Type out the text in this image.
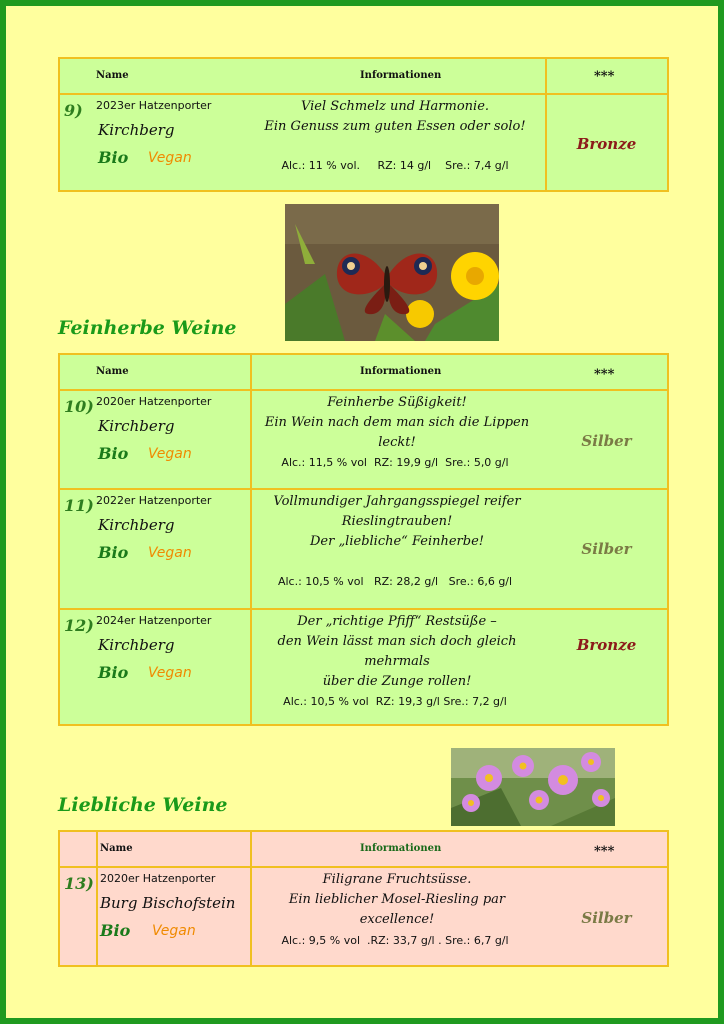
Name	Informationen	***
9) 2023er Hatzenporter
Kirchberg
Bio Vegan
Viel Schmelz und Harmonie.
Ein Genuss zum guten Essen oder solo!
Alc.: 11 % vol.     RZ: 14 g/l    Sre.: 7,4 g/l
Bronze
Feinherbe Weine
Name	Informationen	***
10) 2020er Hatzenporter
Kirchberg
Bio Vegan
Feinherbe Süßigkeit!
Ein Wein nach dem man sich die Lippen leckt!
Alc.: 11,5 % vol  RZ: 19,9 g/l  Sre.: 5,0 g/l
Silber
11) 2022er Hatzenporter
Kirchberg
Bio Vegan
Vollmundiger Jahrgangsspiegel reifer
Rieslingtrauben!
Der „liebliche“ Feinherbe!
Alc.: 10,5 % vol   RZ: 28,2 g/l   Sre.: 6,6 g/l
Silber
12) 2024er Hatzenporter
Kirchberg
Bio Vegan
Der „richtige Pfiff“ Restsüße –
den Wein lässt man sich doch gleich mehrmals
über die Zunge rollen!
Alc.: 10,5 % vol  RZ: 19,3 g/l Sre.: 7,2 g/l
Bronze
Liebliche Weine
Name	Informationen	***
13) 2020er Hatzenporter
Burg Bischofstein
Bio Vegan
Filigrane Fruchtsüsse.
Ein lieblicher Mosel-Riesling par excellence!
Alc.: 9,5 % vol  .RZ: 33,7 g/l . Sre.: 6,7 g/l
Silber
